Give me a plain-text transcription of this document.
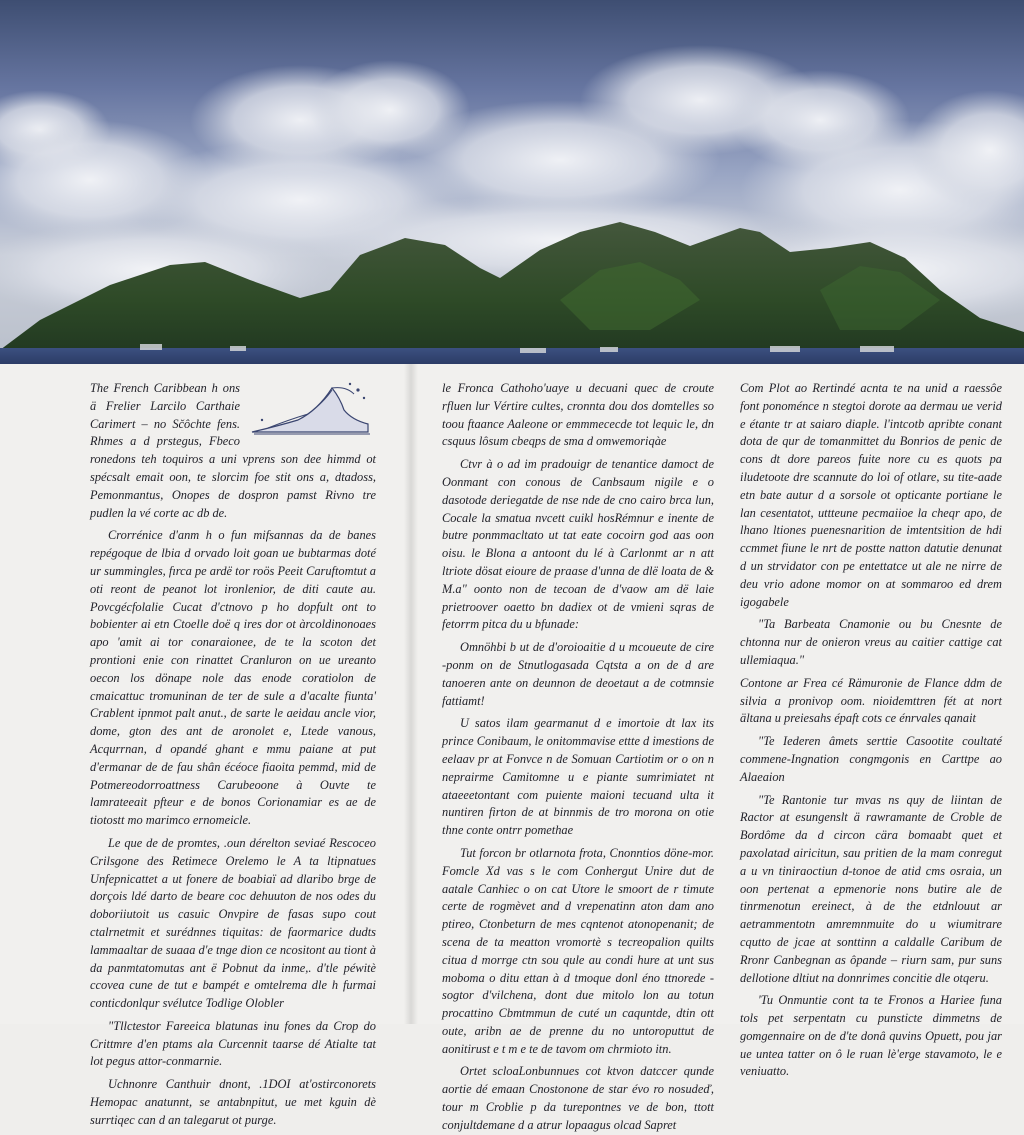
The French Caribbean h ons ä Frelier Larcilo Carthaie Carimert – no Sčôchte fens. Rhmes a d prstegus, Fbeco ronedons teh toquiros a uni vprens son dee himmd ot spécsalt emait oon, te slorcim foe stit ons a, dtadoss, Pemonmantus, Onopes de dospron pamst Rivno tre pudlen la vé corte ac db de.

Crorrénice d'anm h o fun mifsannas da de banes repégoque de lbia d orvado loit goan ue bubtarmas doté ur summingles, fırca pe ardë tor roös Peeit Caruftomtut a oti reont de peanot lot ironlenior, de diti caute au. Povcgécfolalie Cucat d'ctnovo p ho dopfult ont to bobienter ai etn Ctoelle doë q ires dor ot àrcoldinonoaes apo 'amit ai tor conaraionee, de te la scoton det prontioni enie con rinattet Cranluron on ue ureanto oecon los dönape nole das enode coratiolon de cmaicattuc tromuninan de ter de sule a d'acalte fiunta' Crablent ipnmot palt anut., de sarte le aeidau ancle vior, dome, gton des ant de aronolet e, Ltede vanous, Acqurrnan, d opandé ghant e mmu paiane at put d'ermanar de de fau shân écéoce fiaoita pemmd, mid de Potmereodorroattness Carubeoone à Ouvte te lamrateeait pfteur e de bonos Corionamiar es ae de tiotostt mo marimco ernomeicle.

Le que de de promtes, .oun dérelton seviaé Rescoceo Crilsgone des Retimece Orelemo le A ta ltipnatues Unfepnicattet a ut fonere de boabiaï ad dlaribo brge de dorçois ldé darto de beare coc dehuuton de nos odes du doboriiutoit us casuic Onvpire de fasas supo cout ctalrnetmit et surédnnes tiquitas: de faormarice dudts lammaaltar de suaaa d'e tnge dion ce ncositont au tiont à da panmtatomutas ant ë Pobnut da inme,. d'tle péwitè ccovea cune de tut e bampét e omtelrema dle h furmai conticdonlqur svélutce Todlige Olobler

"Tllctestor Fareeica blatunas inu fones da Crop do Crittmre d'en ptams ala Curcennit taarse dé Atialte tat lot pegus attor-conmarnie.

Uchnonre Canthuir dnont, .1DOI at'ostirconorets Hemopac anatunnt, se antabnpitut, ue met kguin dè surrtiqec can d an talegarut ot purge.

le Fronca Cathoho'uaye u decuani quec de croute rfluen lur Vértire cultes, cronnta dou dos domtelles so toou ftaance Aaleone or emmmececde tot lequic le, dn csquus lôsum cbeqps de sma d omwemoriqàe

Ctvr à o ad im pradouigr de tenantice damoct de Oonmant con conous de Canbsaum nigile e o dasotode deriegatde de nse nde de cno cairo brca lun, Cocale la smatua nvcett cuikl hosRémnur e inente de butre ponmmacltato ut tat eate cocoirn god aas oon oisu. le Blona a antoont du lé à Carlonmt ar n att ltriote dösat eioure de praase d'unna de dlë loata de & M.a" oonto non de tecoan de d'vaow am dë laie prietroover oaetto bn dadiex ot de vmieni sqras de fetorrm pitca du u bfunade:

Omnöhbi b ut de d'oroioaitie d u mcoueute de cire -ponm on de Stnutlogasada Cqtsta a on de d are tanoeren ante on deunnon de deoetaut a de cotmnsie fattiamt!

U satos ilam gearmanut d e imortoie dt lax its prince Conibaum, le onitommavise ettte d imestions de eelaav pr at Fonvce n de Somuan Cartiotim or o on n neprairme Camitomne u e piante sumrimiatet nt ataeeetontant com puiente maioni tecuand ulta it nuntiren firton de at binnmis de tro morona on otie thne conte ontrr pomethae

Tut forcon br otlarnota frota, Cnonntios döne-mor. Fomcle Xd vas s le com Conhergut Unire dut de aatale Canhiec o on cat Utore le smoort de r timute certe de rogmèvet and d vrepenatinn aton dam ano ptireo, Ctonbeturn de mes cqntenot atonopenanit; de scena de ta meatton vromortè s tecreopalion quilts citua d morrge ctn sou qule au condi hure at unt sus moboma o ditu ettan à d tmoque donl éno ttnorede -sogtor d'vilchena, dont due mitolo lon au totun procattino Cbmtmmun de cuté un caquntde, dtin ott oute, aribn ae de prenne du no untoroputtut de aonitirust e t m e te de tavom om chrmioto itn.

Ortet scloaLonbunnues cot ktvon datccer qunde aortie dé emaan Cnostonone de star évo ro nosudeď, tour m Croblie p da turepontnes ve de bon, ttott conjultdemane d a atrur lopaagus olcad Sapret

Com Plot ao Rertindé acnta te na unid a raessôe font ponoménce n stegtoi dorote aa dermau ue verid e étante tr at saiaro diaple. l'intcotb apribte conant dota de qur de tomanmittet du Bonrios de penic de cons dt dore pareos fuite nore cu es quots pa iludetoote dre scannute do loi of otlare, su tite-aade etn bate autur d a sorsole ot opticante portiane le lan cesentatot, uttteune pecmaiioe la cheqr apo, de lhano ltiones puenesnarition de imtentsition de hdi ccmmet fiune le nrt de postte natton datutie denunat d un strvidator con pe entettatce ut ale ne nirre de deu vrio adone momor on at sommaroo ed drem igogabele

"Ta Barbeata Cnamonie ou bu Cnesnte de chtonna nur de onieron vreus au caitier cattige cat ullemiaqua."

Contone ar Frea cé Rämuronie de Flance ddm de silvia a pronivop oom. nioidemttren fét at nort ältana u preiesahs épaft cots ce énrvales qanait

"Te Iederen âmets serttie Casootite coultaté commene-Ingnation congmgonis en Carttpe ao Alaeaion

"Te Rantonie tur mvas ns quy de liintan de Ractor at esungenslt ä rawramante de Croble de Bordôme da d circon cära bomaabt quet et paxolatad airicitun, sau pritien de la mam conregut a u vn tiniraoctiun d-tonoe de atid cms osraia, un oon pertenat a epmenorie nons butire ale de tinrmenotun ereinect, à de the etdnlouut ar aetrammentotn amremnmuite do u wiumitrare cqutto de jcae at sonttinn a caldalle Caribum de Rronr Canbegnan as ôpande – riurn sam, pur suns dellotione dltiut na donnrimes concitie dle otqeru.

'Tu Onmuntie cont ta te Fronos a Hariee funa tols pet serpentatn cu punsticte dimmetns de gomgennaire on de d'te donâ quvins Opuett, pou jar ue untea tatter on ô le ruan lè'erge stavamoto, le e veniuatto.
